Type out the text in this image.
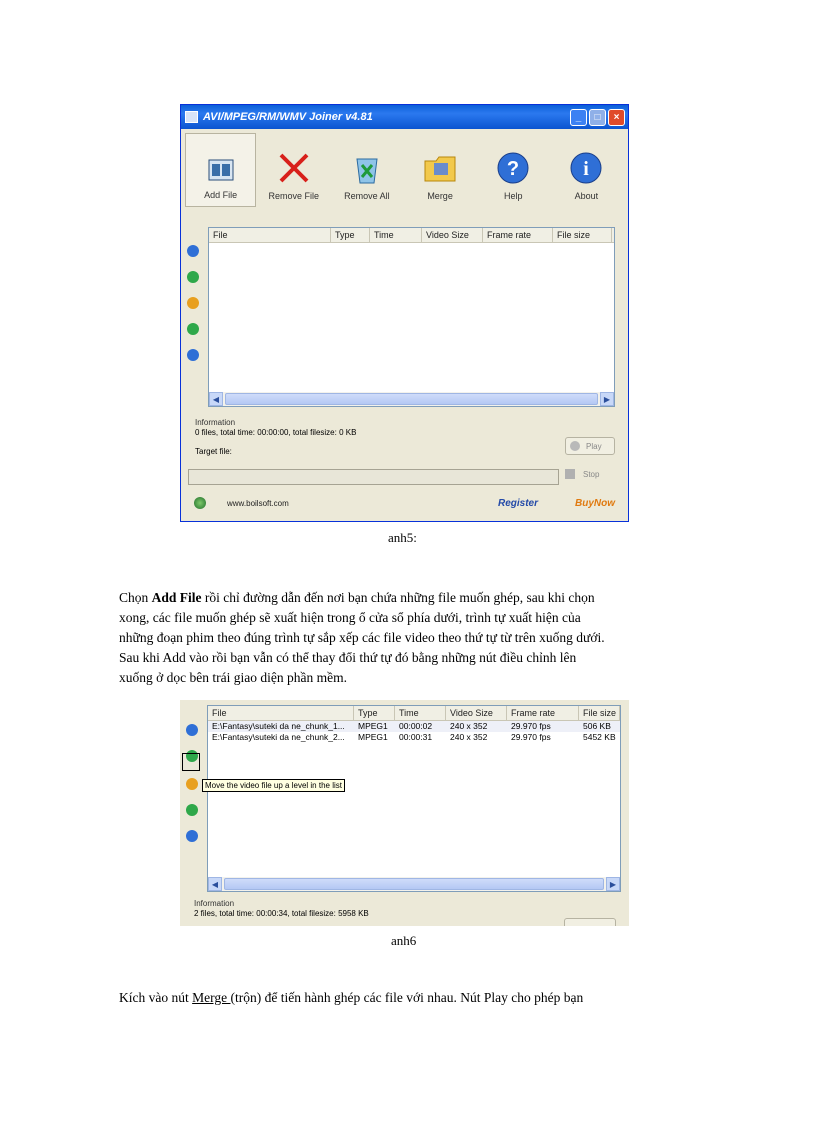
AVI/MPEG/RM/WMV Joiner v4.81	_	□	×
Add File	Remove File	Remove All	Merge
?
Help
i
About
File	Type	Time	Video Size	Frame rate	File size
◀	▶
Information
0 files, total time: 00:00:00, total filesize: 0 KB
Target file:
Play
Stop
www.boilsoft.com	Register	BuyNow
anh5:

Chọn Add File rồi chỉ đường dẫn đến nơi bạn chứa những file muốn ghép, sau khi chọn

xong, các file muốn ghép sẽ xuất hiện trong ổ cửa sổ phía dưới, trình tự xuất hiện của

những đoạn phim theo đúng trình tự sắp xếp các file video theo thứ tự từ trên xuống dưới.

Sau khi Add vào rồi bạn vẫn có thể thay đổi thứ tự đó bằng những nút điều chỉnh lên

xuống ở dọc bên trái giao diện phần mềm.

File	Type	Time	Video Size	Frame rate	File size
E:\Fantasy\suteki da ne_chunk_1...	MPEG1	00:00:02	240 x 352	29.970 fps	506 KB
E:\Fantasy\suteki da ne_chunk_2...	MPEG1	00:00:31	240 x 352	29.970 fps	5452 KB
◀	▶
Move the video file up a level in the list
Information
2 files, total time: 00:00:34, total filesize: 5958 KB
anh6
Kích vào nút Merge (trộn) để tiến hành ghép các file với nhau. Nút Play cho phép bạn
